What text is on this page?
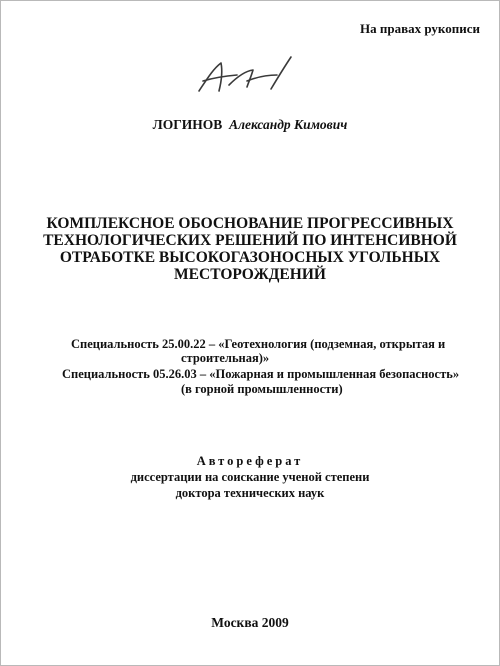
На правах рукописи

ЛОГИНОВ Александр Кимович

КОМПЛЕКСНОЕ ОБОСНОВАНИЕ ПРОГРЕССИВНЫХ
ТЕХНОЛОГИЧЕСКИХ РЕШЕНИЙ ПО ИНТЕНСИВНОЙ
ОТРАБОТКЕ ВЫСОКОГАЗОНОСНЫХ УГОЛЬНЫХ
МЕСТОРОЖДЕНИЙ

Специальность 25.00.22 – «Геотехнология (подземная, открытая и

строительная)»

Специальность 05.26.03 – «Пожарная и промышленная безопасность»

(в горной промышленности)

Автореферат
диссертации на соискание ученой степени
доктора технических наук

Москва 2009
